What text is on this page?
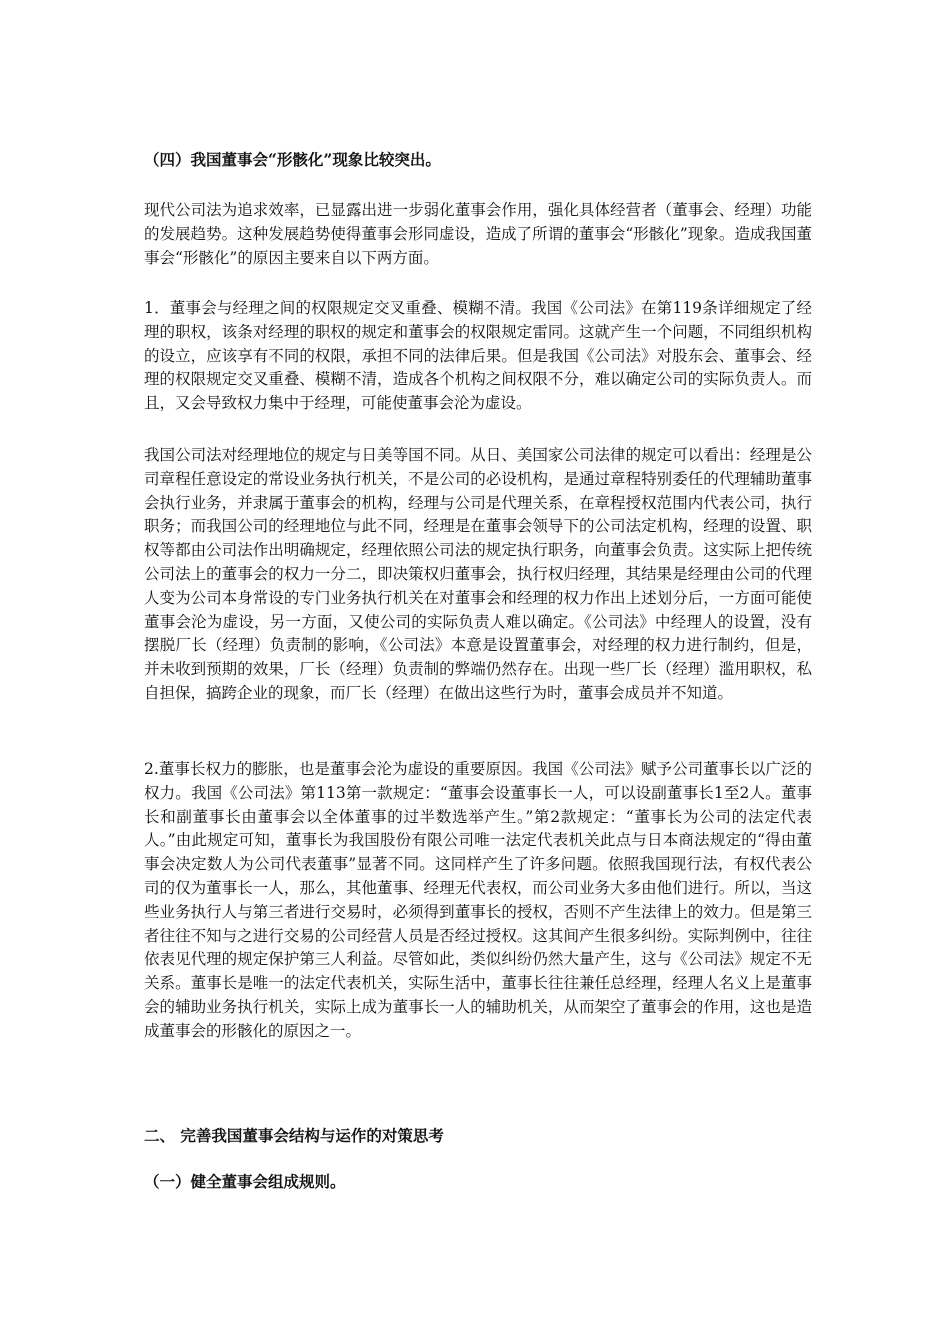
（四）我国董事会“形骸化”现象比较突出。

现代公司法为追求效率，已显露出进一步弱化董事会作用，强化具体经营者（董事会、经理）功能的发展趋势。这种发展趋势使得董事会形同虚设，造成了所谓的董事会“形骸化”现象。造成我国董事会“形骸化”的原因主要来自以下两方面。

1．董事会与经理之间的权限规定交叉重叠、模糊不清。我国《公司法》在第119条详细规定了经理的职权，该条对经理的职权的规定和董事会的权限规定雷同。这就产生一个问题，不同组织机构的设立，应该享有不同的权限，承担不同的法律后果。但是我国《公司法》对股东会、董事会、经理的权限规定交叉重叠、模糊不清，造成各个机构之间权限不分，难以确定公司的实际负责人。而且，又会导致权力集中于经理，可能使董事会沦为虚设。

我国公司法对经理地位的规定与日美等国不同。从日、美国家公司法律的规定可以看出：经理是公司章程任意设定的常设业务执行机关，不是公司的必设机构，是通过章程特别委任的代理辅助董事会执行业务，并隶属于董事会的机构，经理与公司是代理关系，在章程授权范围内代表公司，执行职务；而我国公司的经理地位与此不同，经理是在董事会领导下的公司法定机构，经理的设置、职权等都由公司法作出明确规定，经理依照公司法的规定执行职务，向董事会负责。这实际上把传统公司法上的董事会的权力一分二，即决策权归董事会，执行权归经理，其结果是经理由公司的代理人变为公司本身常设的专门业务执行机关在对董事会和经理的权力作出上述划分后，一方面可能使董事会沦为虚设，另一方面，又使公司的实际负责人难以确定。《公司法》中经理人的设置，没有摆脱厂长（经理）负责制的影响，《公司法》本意是设置董事会，对经理的权力进行制约，但是，并未收到预期的效果，厂长（经理）负责制的弊端仍然存在。出现一些厂长（经理）滥用职权，私自担保，搞跨企业的现象，而厂长（经理）在做出这些行为时，董事会成员并不知道。

2.董事长权力的膨胀，也是董事会沦为虚设的重要原因。我国《公司法》赋予公司董事长以广泛的权力。我国《公司法》第113第一款规定：“董事会设董事长一人，可以设副董事长1至2人。董事长和副董事长由董事会以全体董事的过半数选举产生。”第2款规定：“董事长为公司的法定代表人。”由此规定可知，董事长为我国股份有限公司唯一法定代表机关此点与日本商法规定的“得由董事会决定数人为公司代表董事”显著不同。这同样产生了许多问题。依照我国现行法，有权代表公司的仅为董事长一人，那么，其他董事、经理无代表权，而公司业务大多由他们进行。所以，当这些业务执行人与第三者进行交易时，必须得到董事长的授权，否则不产生法律上的效力。但是第三者往往不知与之进行交易的公司经营人员是否经过授权。这其间产生很多纠纷。实际判例中，往往依表见代理的规定保护第三人利益。尽管如此，类似纠纷仍然大量产生，这与《公司法》规定不无关系。董事长是唯一的法定代表机关，实际生活中，董事长往往兼任总经理，经理人名义上是董事会的辅助业务执行机关，实际上成为董事长一人的辅助机关，从而架空了董事会的作用，这也是造成董事会的形骸化的原因之一。

二、 完善我国董事会结构与运作的对策思考

（一）健全董事会组成规则。
